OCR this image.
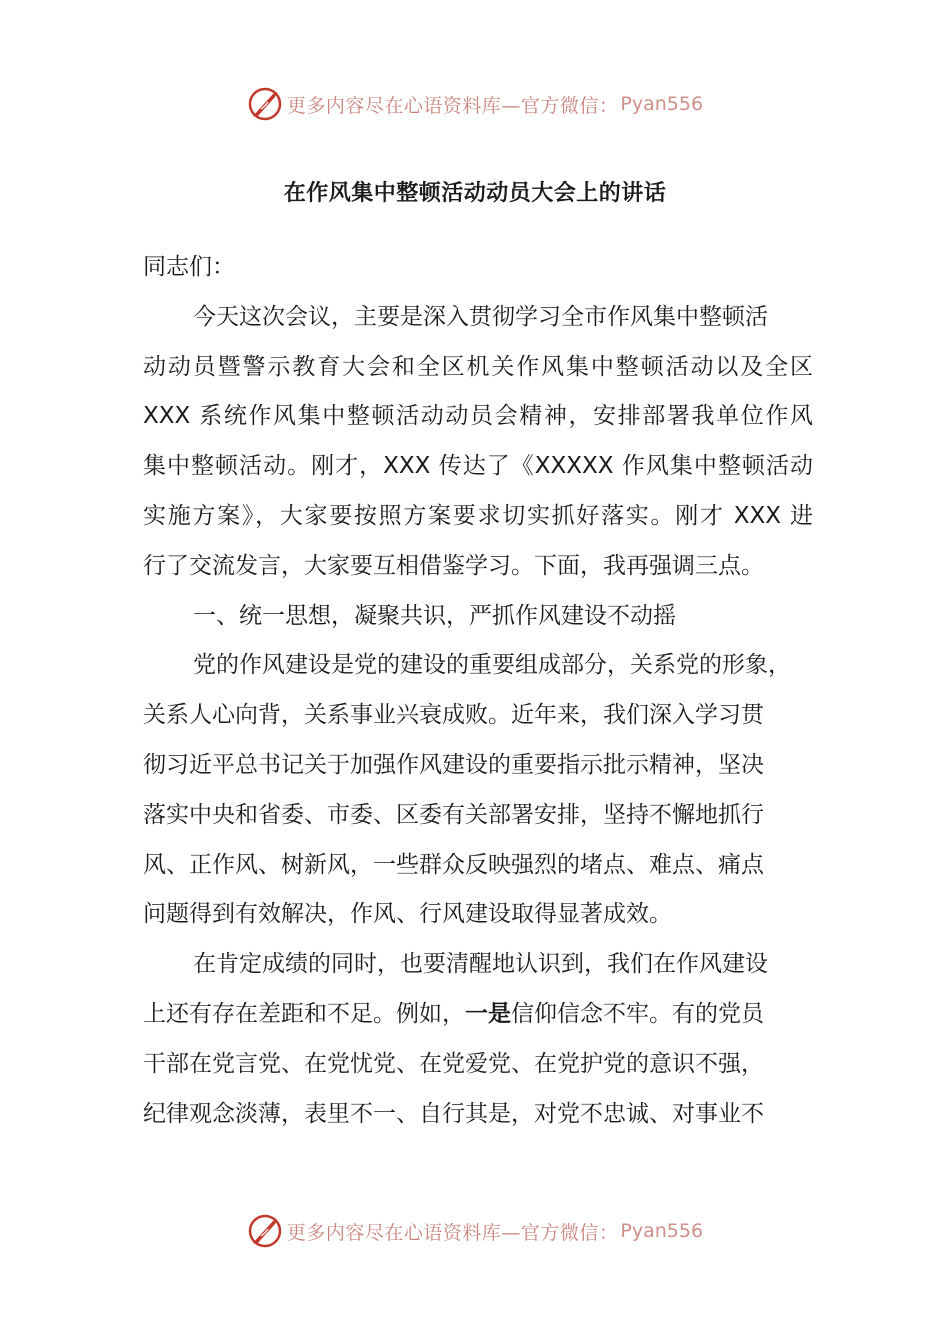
更多内容尽在心语资料库—官方微信： Pyan556
在作风集中整顿活动动员大会上的讲话
同志们：
今天这次会议，主要是深入贯彻学习全市作风集中整顿活
动动员暨警示教育大会和全区机关作风集中整顿活动以及全区
XXX 系统作风集中整顿活动动员会精神，安排部署我单位作风
集中整顿活动。刚才，XXX 传达了《XXXXX 作风集中整顿活动
实施方案》，大家要按照方案要求切实抓好落实。刚才 XXX 进
行了交流发言，大家要互相借鉴学习。下面，我再强调三点。
一、统一思想，凝聚共识，严抓作风建设不动摇
党的作风建设是党的建设的重要组成部分，关系党的形象，
关系人心向背，关系事业兴衰成败。近年来，我们深入学习贯
彻习近平总书记关于加强作风建设的重要指示批示精神，坚决
落实中央和省委、市委、区委有关部署安排，坚持不懈地抓行
风、正作风、树新风，一些群众反映强烈的堵点、难点、痛点
问题得到有效解决，作风、行风建设取得显著成效。
在肯定成绩的同时，也要清醒地认识到，我们在作风建设
上还有存在差距和不足。例如，一是信仰信念不牢。有的党员
干部在党言党、在党忧党、在党爱党、在党护党的意识不强，
纪律观念淡薄，表里不一、自行其是，对党不忠诚、对事业不
更多内容尽在心语资料库—官方微信： Pyan556
